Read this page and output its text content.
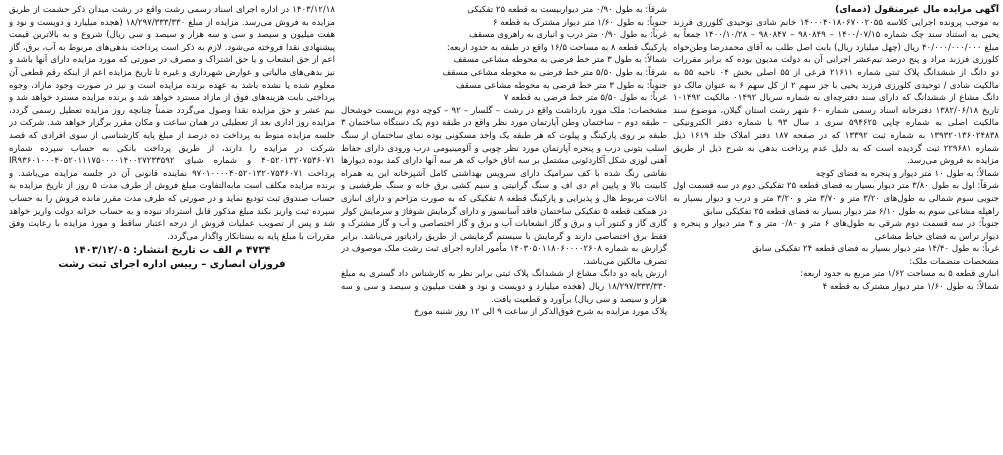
آگهی مزایده مال غیرمنقول (ذمه‌ای)

به موجب پرونده اجرایی کلاسه ۱۴۰۰۰۴۰۱۸۰۶۷۰۰۲۰۵۵ خانم شادی توحیدی کلورزی فرزند یحیی به استناد سند چک شماره ۱۴۰۰/۰۷/۱۵ – ۹۸۰۸۴۹ – ۹۸۰۸۴۷ – ۱۴۰۰/۱۰/۲۸ جمعاً به مبلغ ۴۰/۰۰۰/۰۰۰/۰۰۰ ریال (چهل میلیارد ریال) بابت اصل طلب به آقای محمدرضا وطن‌خواه کلورزی فرزند مراد و پنج درصد نیم‌عشر اجرایی آن به دولت مدیون بوده که برابر مقررات دو دانگ از ششدانگ پلاک ثبتی شماره ۲۱۶۱۱ فرعی از ۵۵ اصلی بخش ۰۴ ناحیه ۵۵ به مالکیت شادی / توحیدی کلورزی فرزند یحیی با جز سهم ۲ از کل سهم ۶ به عنوان مالک دو دانگ مشاع از ششدانگ که دارای سند دفترچه‌ای به شماره سریال ۰۱۴۹۲ مالکیت ۱۰۱۴۹۲ تاریخ ۱۳۸۲/۰۶/۱۸ دفترخانه اسناد رسمی شماره ۶۰ شهر رشت استان گیلان، موضوع سند مالکیت اصلی به شماره چاپی ۵۹۴۶۲۵ سری د سال ۹۳ با شماره دفتر الکترونیکی ۱۳۹۳۲۰۱۳۶۰۲۴۸۳۸ به شماره ثبت ۱۳۳۹۲ که در صفحه ۱۸۷ دفتر املاک جلد ۱۶۱۹ ذیل شماره ۲۲۹۶۸۱ ثبت گردیده است که به دلیل عدم پرداخت بدهی به شرح ذیل از طریق مزایده به فروش می‌رسد.

شمالاً: به طول ۱۰ متر دیوار و پنجره به فضای کوچه

شرقاً: اول به طول ۳/۸۰ متر دیوار بسیار به فضای قطعه ۲۵ تفکیکی دوم در سه قسمت اول جنوبی سوم شمالی به طول‌های ۳/۲۰ متر و ۳/۷۰ متر و ۳/۲۰ متر و درب و دیوار بسیار به راهپله مشاعی سوم به طول ۶/۱۰ متر دیوار بسیار به فضای قطعه ۲۵ تفکیکی سابق

جنوباً: در سه قسمت دوم شرقی به طول‌های ۶ متر و ۰/۸۰ متر و ۴ متر دیوار و پنجره و دیوار تراس به فضای حیاط مشاعی

غرباً: به طول ۱۴/۴۰ متر دیوار بسیار به فضای قطعه ۲۴ تفکیکی سابق

مشخصات منضمات ملک:

انباری قطعه ۵ به مساحت ۱/۶۲ متر مربع به حدود اربعه:

شمالاً: به طول ۱/۶۰ متر دیوار مشترک به قطعه ۴

شرقاً: به طول ۰/۹۰ متر دیواربیست به قطعه ۲۵ تفکیکی

جنوباً: به طول ۱/۶۰ متر دیوار مشترک به قطعه ۶

غرباً: به طول ۰/۹۰ متر درب و انباری به راهروی مسقف

پارکینگ قطعه ۸ به مساحت ۱۶/۵ واقع در طبقه به حدود اربعه:

شمالاً: به طول ۳ متر خط فرضی به محوطه مشاعی مسقف

شرقاً: به طول ۵/۵۰ متر خط فرضی به محوطه مشاعی مسقف

جنوباً: به طول ۳ متر خط فرضی به محوطه مشاعی مسقف

غرباً: به طول ۵/۵۰ متر خط فرضی به قطعه ۷

مشخصات: ملک مورد بازداشت واقع در رشت – گلسار – ۹۲ – کوچه دوم بن‌بست خوشحال – طبقه دوم – ساختمان وطن آپارتمان مورد نظر واقع در طبقه دوم یک دستگاه ساختمان ۳ طبقه بر روی پارکینگ و پیلوت که هر طبقه یک واحد مسکونی بوده نمای ساختمان از سنگ اسلب بتونی درب و پنجره آپارتمان مورد نظر چوبی و آلومینیومی درب ورودی دارای حفاظ آهنی لوزی شکل آکاردئونی مشتمل بر سه اتاق خواب که هر سه آنها دارای کمد بوده دیوارها نقاشی رنگ شده با کف سرامیک دارای سرویس بهداشتی کامل آشپزخانه این به همراه کابینت بالا و پایین ام دی اف و سنگ گرانیتی و سیم کشی برق خانه و سنگ طرقشبی و اتالات مربوط هال و پذیرایی و پارکینگ قطعه ۸ تفکیکی که به صورت مزاحم و دارای انباری در همکف قطعه ۵ تفکیکی ساختمان فاقد آسانسور و دارای گرمایش شوفاژ و سرمایش کولر گازی گاز و کنتور آب و برق و گاز انشعابات آب و برق و گاز اختصاصی و آب و گاز مشترک و فقط برق اختصاصی دارند و گرمایش با سیستم گرمایشی از طریق رادیاتور می‌باشد. برابر گزارش به شماره ۱۴۰۳۰۵۰۱۱۸۰۶۰۰۰۰۲۶۰۸ مأمور اداره اجرای ثبت رشت ملک موصوف در تصرف مالکین می‌باشد.

ارزش پایه دو دانگ مشاع از ششدانگ پلاک ثبتی برابر نظر به کارشناس داد گستری به مبلغ ۱۸/۲۹۷/۳۳۳/۳۳۰ ریال (هجده میلیارد و دویست و نود و هفت میلیون و سیصد و سی و سه هزار و سیصد و سی ریال) برآورد و قطعیت یافت.

پلاک مورد مزایده به شرح فوق‌الذکر از ساعت ۹ الی ۱۲ روز شنبه مورخ

۱۴۰۳/۱۲/۱۸ در اداره اجرای اسناد رسمی رشت واقع در رشت میدان ذکر حشمت از طریق مزایده به فروش می‌رسد. مزایده از مبلغ ۱۸/۲۹۷/۳۳۳/۳۳۰ (هجده میلیارد و دویست و نود و هفت میلیون و سیصد و سی و سه هزار و سیصد و سی ریال) شروع و به بالاترین قیمت پیشنهادی نقدا فروخته می‌شود. لازم به ذکر است پرداخت بدهی‌های مربوط به آب، برق، گاز اعم از حق انشعاب و یا حق اشتراک و مصرف در صورتی که مورد مزایده دارای آنها باشد و نیز بدهی‌های مالیاتی و عوارض شهرداری و غیره تا تاریخ مزایده اعم از اینکه رقم قطعی آن معلوم شده یا نشده باشد به عهده برنده مزایده است و نیز در صورت وجود مازاد، وجوه پرداختی بابت هزینه‌های فوق از مازاد مسترد خواهد شد و برنده مزایده مسترد خواهد شد و نیم عشر و حق مزایده نقدا وصول می‌گردد ضمناً چنانچه روز مزایده تعطیل رسمی گردد، مزایده روز اداری بعد از تعطیلی در همان ساعت و مکان مقرر برگزار خواهد شد. شرکت در جلسه مزایده منوط به پرداخت ده درصد از مبلغ پایه کارشناسی از سوی افرادی که قصد شرکت در مزایده را دارند، از طریق پرداخت بانکی به حساب سپرده شماره ۴۰۵۲۰۱۳۲۰۷۵۳۶۰۷۱ و شماره شبای IR۹۳۶۰۱۰۰۰۴۰۵۲۰۱۱۱۷۵۰۰۰۰۱۴۰۰۲۷۲۳۳۵۹۲ پرداخت ۹۷۰۱۰۰۰۰۴۰۵۲۰۱۳۲۰۷۵۳۶۰۷۱ نماینده قانونی آن در جلسه مزایده می‌باشد. و برنده مزایده مکلف است مابه‌التفاوت مبلغ فروش از طرف مدت ۵ روز از تاریخ مزایده به حساب صندوق ثبت تودیع نماید و در صورتی که طرف مدت مقرر مانده فروش را به حساب سپرده ثبت واریز نکند مبلغ مذکور قابل استرداد نبوده و به حساب خزانه دولت واریز خواهد شد و پس از تصویب عملیات فروش از درجه اعتبار ساقط و مورد مزایده با رعایت وفق مقررات با مبلغ پایه به بستانکار واگذار می‌گردد.

۴۷۳۴ م الف ت تاریخ انتشار: ۱۴۰۳/۱۲/۰۵
فروزان انصاری – رییس اداره اجرای ثبت رشت
